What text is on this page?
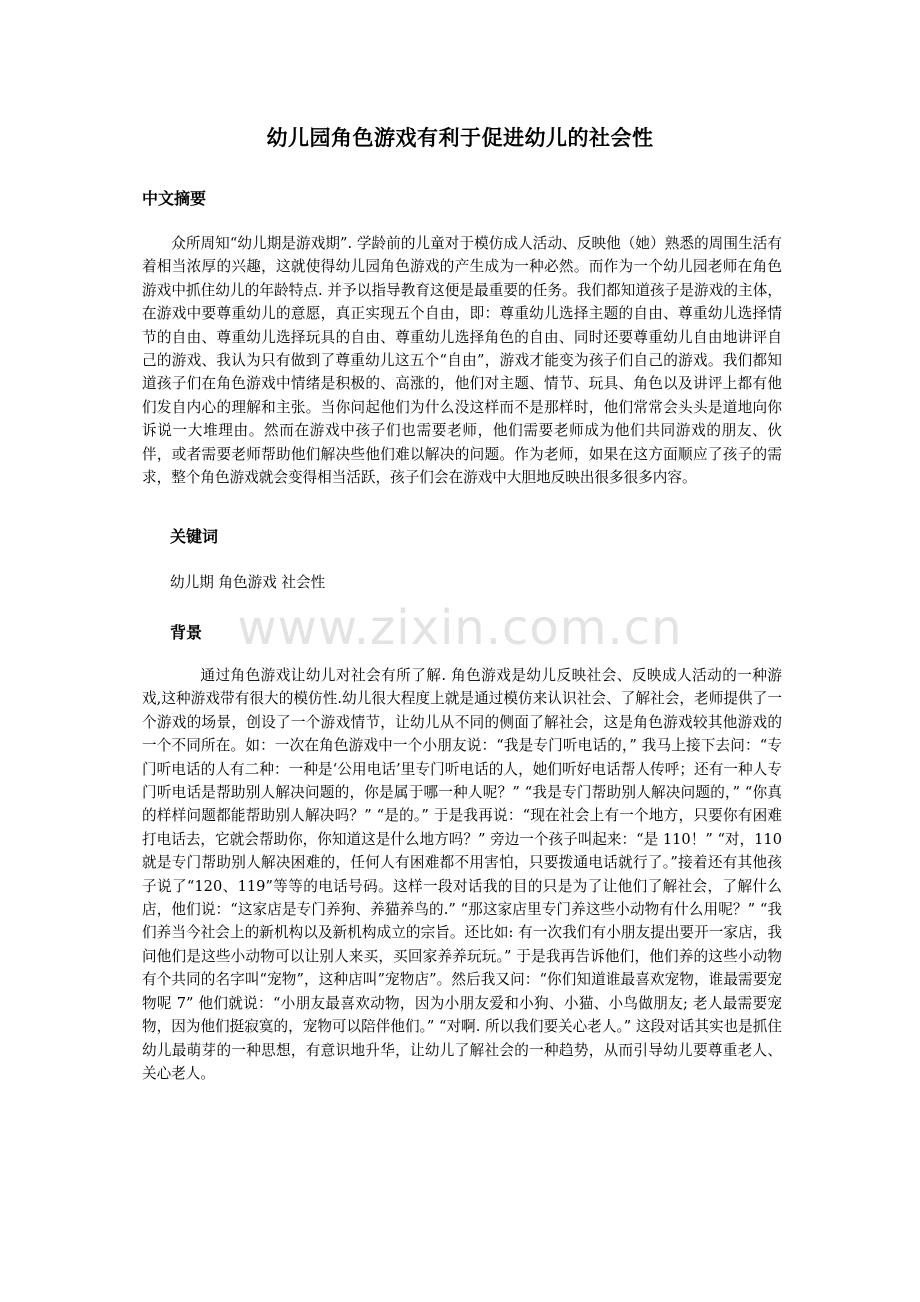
www.zixin.com.cn
幼儿园角色游戏有利于促进幼儿的社会性
中文摘要
众所周知“幼儿期是游戏期”. 学龄前的儿童对于模仿成人活动、反映他（她）熟悉的周围生活有着相当浓厚的兴趣，这就使得幼儿园角色游戏的产生成为一种必然。而作为一个幼儿园老师在角色游戏中抓住幼儿的年龄特点. 并予以指导教育这便是最重要的任务。我们都知道孩子是游戏的主体，在游戏中要尊重幼儿的意愿，真正实现五个自由，即：尊重幼儿选择主题的自由、尊重幼儿选择情节的自由、尊重幼儿选择玩具的自由、尊重幼儿选择角色的自由、同时还要尊重幼儿自由地讲评自己的游戏、我认为只有做到了尊重幼儿这五个“自由”，游戏才能变为孩子们自己的游戏。我们都知道孩子们在角色游戏中情绪是积极的、高涨的，他们对主题、情节、玩具、角色以及讲评上都有他们发自内心的理解和主张。当你问起他们为什么没这样而不是那样时，他们常常会头头是道地向你诉说一大堆理由。然而在游戏中孩子们也需要老师，他们需要老师成为他们共同游戏的朋友、伙伴，或者需要老师帮助他们解决些他们难以解决的问题。作为老师，如果在这方面顺应了孩子的需求，整个角色游戏就会变得相当活跃，孩子们会在游戏中大胆地反映出很多很多内容。
关键词
幼儿期 角色游戏 社会性
背景
通过角色游戏让幼儿对社会有所了解. 角色游戏是幼儿反映社会、反映成人活动的一种游戏,这种游戏带有很大的模仿性.幼儿很大程度上就是通过模仿来认识社会、了解社会，老师提供了一个游戏的场景，创设了一个游戏情节，让幼儿从不同的侧面了解社会，这是角色游戏较其他游戏的一个不同所在。如：一次在角色游戏中一个小朋友说：“我是专门听电话的，” 我马上接下去问：“专门听电话的人有二种：一种是‘公用电话’里专门听电话的人，她们听好电话帮人传呼；还有一种人专门听电话是帮助别人解决问题的，你是属于哪一种人呢？” “我是专门帮助别人解决问题的，” “你真的样样问题都能帮助别人解决吗？” “是的。” 于是我再说：“现在社会上有一个地方，只要你有困难打电话去，它就会帮助你，你知道这是什么地方吗？” 旁边一个孩子叫起来：“是 110！” “对，110 就是专门帮助别人解决困难的，任何人有困难都不用害怕，只要拨通电话就行了。”接着还有其他孩子说了“120、119”等等的电话号码。这样一段对话我的目的只是为了让他们了解社会，了解什么店，他们说：“这家店是专门养狗、养猫养鸟的.” “那这家店里专门养这些小动物有什么用呢？” “我们养当今社会上的新机构以及新机构成立的宗旨。还比如: 有一次我们有小朋友提出要开一家店，我问他们是这些小动物可以让别人来买，买回家养养玩玩。” 于是我再告诉他们，他们养的这些小动物有个共同的名字叫“宠物”，这种店叫”宠物店”。然后我又问：“你们知道谁最喜欢宠物，谁最需要宠物呢 7” 他们就说：“小朋友最喜欢动物，因为小朋友爱和小狗、小猫、小鸟做朋友; 老人最需要宠物，因为他们挺寂寞的，宠物可以陪伴他们。” “对啊. 所以我们要关心老人。” 这段对话其实也是抓住幼儿最萌芽的一种思想，有意识地升华，让幼儿了解社会的一种趋势，从而引导幼儿要尊重老人、关心老人。
